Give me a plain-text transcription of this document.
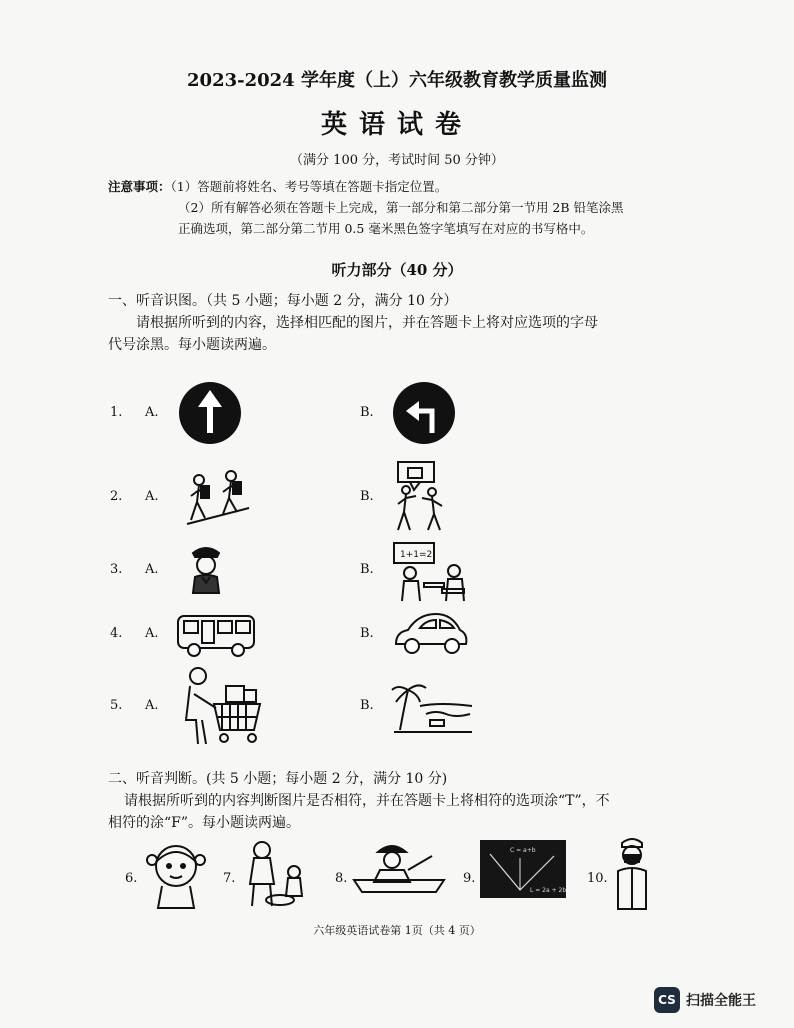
2023-2024 学年度（上）六年级教育教学质量监测
英语试卷
（满分 100 分，考试时间 50 分钟）
注意事项：（1）答题前将姓名、考号等填在答题卡指定位置。
（2）所有解答必须在答题卡上完成，第一部分和第二部分第一节用 2B 铅笔涂黑
正确选项，第二部分第二节用 0.5 毫米黑色签字笔填写在对应的书写格中。
听力部分（40 分）
一、听音识图。（共 5 小题；每小题 2 分，满分 10 分）
请根据所听到的内容，选择相匹配的图片，并在答题卡上将对应选项的字母
代号涂黑。每小题读两遍。
1. A.	B.
2. A.	B.
3. A.	B.
1+1=2
4. A.	B.
5. A.	B.
二、听音判断。(共 5 小题；每小题 2 分，满分 10 分)
请根据所听到的内容判断图片是否相符，并在答题卡上将相符的选项涂“T”，不
相符的涂“F”。每小题读两遍。
6.	7.	8.	9.
C = a+b
L = 2a + 2b
10.
六年级英语试卷第 1页（共 4 页）
CS 扫描全能王
